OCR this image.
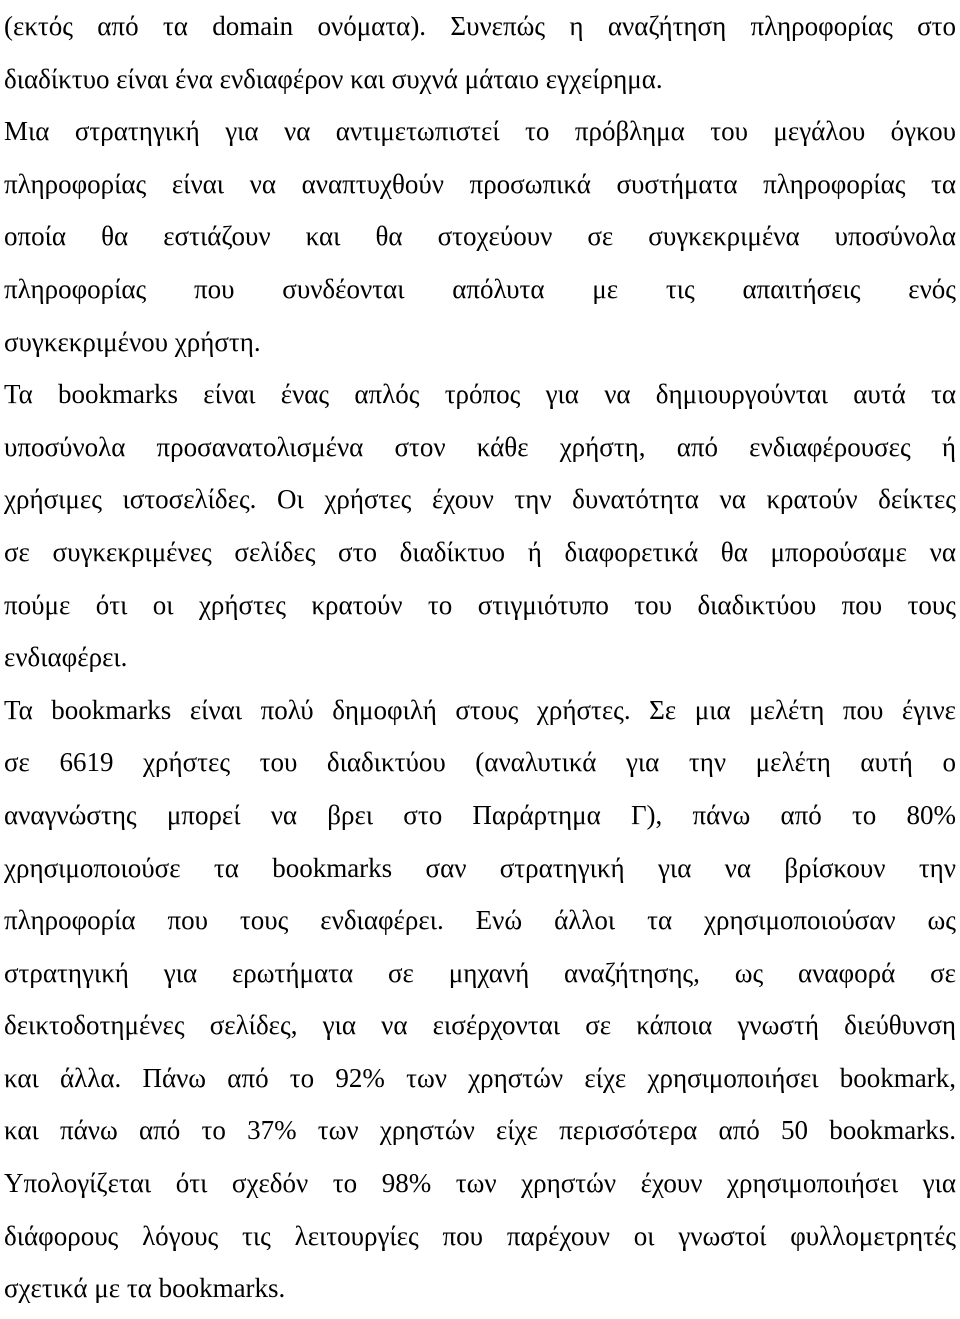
(εκτός από τα domain ονόματα). Συνεπώς η αναζήτηση πληροφορίας στο
διαδίκτυο είναι ένα ενδιαφέρον και συχνά μάταιο εγχείρημα.

Μια στρατηγική για να αντιμετωπιστεί το πρόβλημα του μεγάλου όγκου
πληροφορίας είναι να αναπτυχθούν προσωπικά συστήματα πληροφορίας τα
οποία θα εστιάζουν και θα στοχεύουν σε συγκεκριμένα υποσύνολα
πληροφορίας που συνδέονται απόλυτα με τις απαιτήσεις ενός
συγκεκριμένου χρήστη.

Τα bookmarks είναι ένας απλός τρόπος για να δημιουργούνται αυτά τα
υποσύνολα προσανατολισμένα στον κάθε χρήστη, από ενδιαφέρουσες ή
χρήσιμες ιστοσελίδες. Οι χρήστες έχουν την δυνατότητα να κρατούν δείκτες
σε συγκεκριμένες σελίδες στο διαδίκτυο ή διαφορετικά θα μπορούσαμε να
πούμε ότι οι χρήστες κρατούν το στιγμιότυπο του διαδικτύου που τους
ενδιαφέρει.

Τα bookmarks είναι πολύ δημοφιλή στους χρήστες. Σε μια μελέτη που έγινε
σε 6619 χρήστες του διαδικτύου (αναλυτικά για την μελέτη αυτή ο
αναγνώστης μπορεί να βρει στο Παράρτημα Γ), πάνω από το 80%
χρησιμοποιούσε τα bookmarks σαν στρατηγική για να βρίσκουν την
πληροφορία που τους ενδιαφέρει. Ενώ άλλοι τα χρησιμοποιούσαν ως
στρατηγική για ερωτήματα σε μηχανή αναζήτησης, ως αναφορά σε
δεικτοδοτημένες σελίδες, για να εισέρχονται σε κάποια γνωστή διεύθυνση
και άλλα. Πάνω από το 92% των χρηστών είχε χρησιμοποιήσει bookmark,
και πάνω από το 37% των χρηστών είχε περισσότερα από 50 bookmarks.
Υπολογίζεται ότι σχεδόν το 98% των χρηστών έχουν χρησιμοποιήσει για
διάφορους λόγους τις λειτουργίες που παρέχουν οι γνωστοί φυλλομετρητές
σχετικά με τα bookmarks.
